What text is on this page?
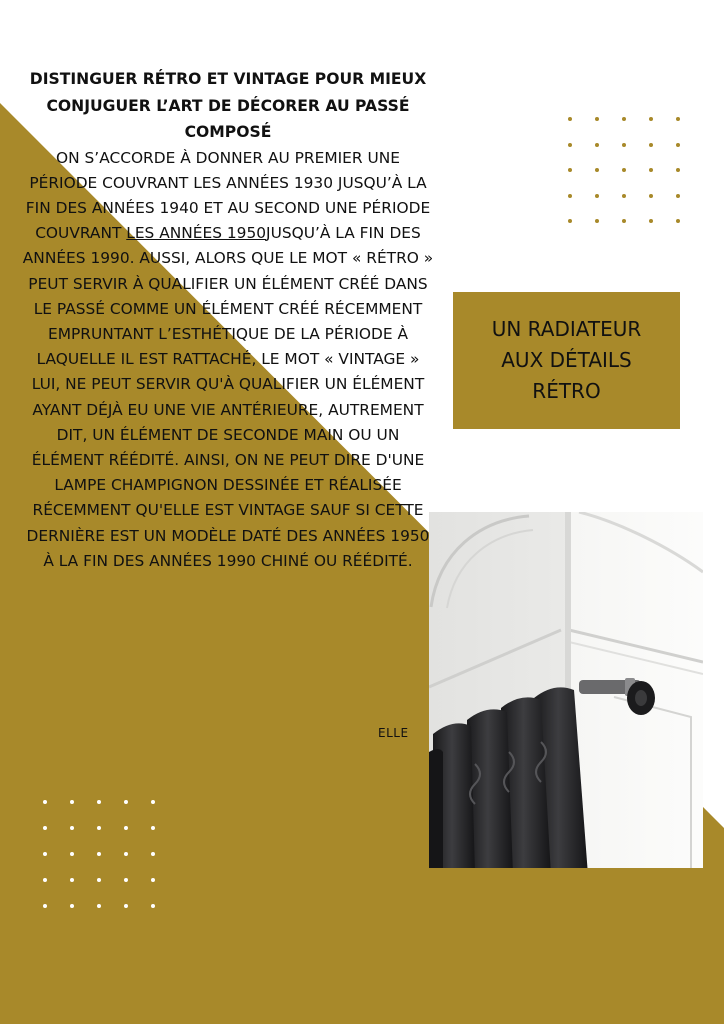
DISTINGUER RÉTRO ET VINTAGE POUR MIEUX CONJUGUER L’ART DE DÉCORER AU PASSÉ COMPOSÉ

ON S’ACCORDE À DONNER AU PREMIER UNE PÉRIODE COUVRANT LES ANNÉES 1930 JUSQU’À LA FIN DES ANNÉES 1940 ET AU SECOND UNE PÉRIODE COUVRANT LES ANNÉES 1950JUSQU’À LA FIN DES ANNÉES 1990. AUSSI, ALORS QUE LE MOT « RÉTRO » PEUT SERVIR À QUALIFIER UN ÉLÉMENT CRÉÉ DANS LE PASSÉ COMME UN ÉLÉMENT CRÉÉ RÉCEMMENT EMPRUNTANT L’ESTHÉTIQUE DE LA PÉRIODE À LAQUELLE IL EST RATTACHÉ, LE MOT « VINTAGE » LUI, NE PEUT SERVIR QU'À QUALIFIER UN ÉLÉMENT AYANT DÉJÀ EU UNE VIE ANTÉRIEURE, AUTREMENT DIT, UN ÉLÉMENT DE SECONDE MAIN OU UN ÉLÉMENT RÉÉDITÉ. AINSI, ON NE PEUT DIRE D'UNE LAMPE CHAMPIGNON DESSINÉE ET RÉALISÉE RÉCEMMENT QU'ELLE EST VINTAGE SAUF SI CETTE DERNIÈRE EST UN MODÈLE DATÉ DES ANNÉES 1950 À LA FIN DES ANNÉES 1990 CHINÉ OU RÉÉDITÉ.

ELLE
UN RADIATEUR AUX DÉTAILS RÉTRO
